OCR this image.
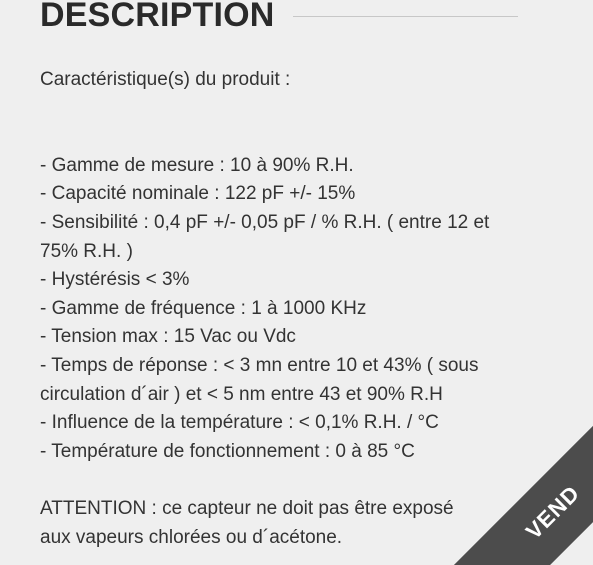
DESCRIPTION
Caractéristique(s) du produit :
- Gamme de mesure : 10 à 90% R.H.
- Capacité nominale : 122 pF +/- 15%
- Sensibilité : 0,4 pF +/- 0,05 pF / % R.H. ( entre 12 et
75% R.H. )
- Hystérésis < 3%
- Gamme de fréquence : 1 à 1000 KHz
- Tension max : 15 Vac ou Vdc
- Temps de réponse : < 3 mn entre 10 et 43% ( sous
circulation d´air ) et < 5 nm entre 43 et 90% R.H
- Influence de la température : < 0,1% R.H. / °C
- Température de fonctionnement : 0 à 85 °C
ATTENTION : ce capteur ne doit pas être exposé
aux vapeurs chlorées ou d´acétone.	VEND
